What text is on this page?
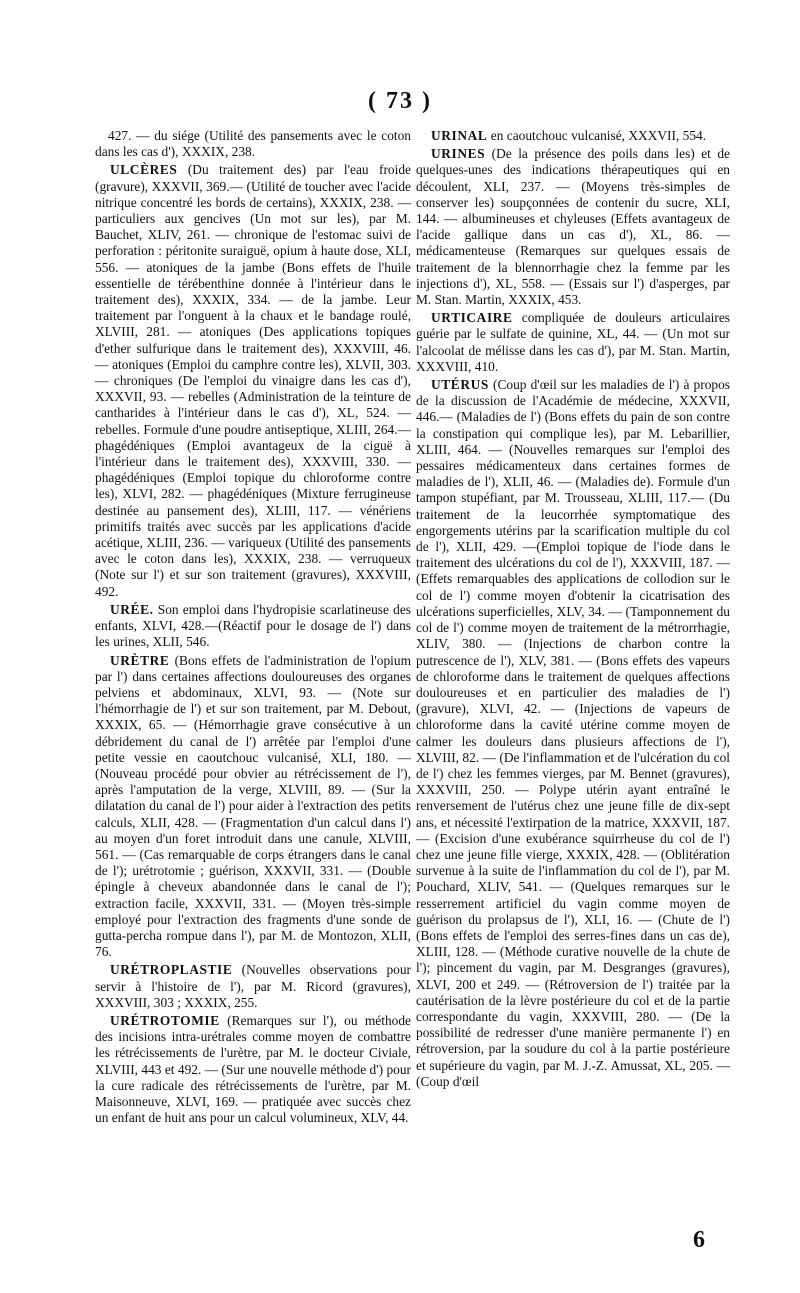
( 73 )

427. — du siége (Utilité des pansements avec le coton dans les cas d'), XXXIX, 238.

ULCÈRES (Du traitement des) par l'eau froide (gravure), XXXVII, 369.— (Utilité de toucher avec l'acide nitrique concentré les bords de certains), XXXIX, 238. — particuliers aux gencives (Un mot sur les), par M. Bauchet, XLIV, 261. — chronique de l'estomac suivi de perforation : péritonite suraiguë, opium à haute dose, XLI, 556. — atoniques de la jambe (Bons effets de l'huile essentielle de térébenthine donnée à l'intérieur dans le traitement des), XXXIX, 334. — de la jambe. Leur traitement par l'onguent à la chaux et le bandage roulé, XLVIII, 281. — atoniques (Des applications topiques d'ether sulfurique dans le traitement des), XXXVIII, 46. — atoniques (Emploi du camphre contre les), XLVII, 303. — chroniques (De l'emploi du vinaigre dans les cas d'), XXXVII, 93. — rebelles (Administration de la teinture de cantharides à l'intérieur dans le cas d'), XL, 524. — rebelles. Formule d'une poudre antiseptique, XLIII, 264.— phagédéniques (Emploi avantageux de la ciguë à l'intérieur dans le traitement des), XXXVIII, 330. — phagédéniques (Emploi topique du chloroforme contre les), XLVI, 282. — phagédéniques (Mixture ferrugineuse destinée au pansement des), XLIII, 117. — vénériens primitifs traités avec succès par les applications d'acide acétique, XLIII, 236. — variqueux (Utilité des pansements avec le coton dans les), XXXIX, 238. — verruqueux (Note sur l') et sur son traitement (gravures), XXXVIII, 492.

URÉE. Son emploi dans l'hydropisie scarlatineuse des enfants, XLVI, 428.—(Réactif pour le dosage de l') dans les urines, XLII, 546.

URÈTRE (Bons effets de l'administration de l'opium par l') dans certaines affections douloureuses des organes pelviens et abdominaux, XLVI, 93. — (Note sur l'hémorrhagie de l') et sur son traitement, par M. Debout, XXXIX, 65. — (Hémorrhagie grave consécutive à un débridement du canal de l') arrêtée par l'emploi d'une petite vessie en caoutchouc vulcanisé, XLI, 180. —(Nouveau procédé pour obvier au rétrécissement de l'), après l'amputation de la verge, XLVIII, 89. — (Sur la dilatation du canal de l') pour aider à l'extraction des petits calculs, XLII, 428. — (Fragmentation d'un calcul dans l') au moyen d'un foret introduit dans une canule, XLVIII, 561. — (Cas remarquable de corps étrangers dans le canal de l'); urétrotomie ; guérison, XXXVII, 331. — (Double épingle à cheveux abandonnée dans le canal de l'); extraction facile, XXXVII, 331. — (Moyen très-simple employé pour l'extraction des fragments d'une sonde de gutta-percha rompue dans l'), par M. de Montozon, XLII, 76.

URÉTROPLASTIE (Nouvelles observations pour servir à l'histoire de l'), par M. Ricord (gravures), XXXVIII, 303 ; XXXIX, 255.

URÉTROTOMIE (Remarques sur l'), ou méthode des incisions intra-urétrales comme moyen de combattre les rétrécissements de l'urètre, par M. le docteur Civiale, XLVIII, 443 et 492. — (Sur une nouvelle méthode d') pour la cure radicale des rétrécissements de l'urètre, par M. Maisonneuve, XLVI, 169. — pratiquée avec succès chez un enfant de huit ans pour un calcul volumineux, XLV, 44.

URINAL en caoutchouc vulcanisé, XXXVII, 554.

URINES (De la présence des poils dans les) et de quelques-unes des indications thérapeutiques qui en découlent, XLI, 237. — (Moyens très-simples de conserver les) soupçonnées de contenir du sucre, XLI, 144. — albumineuses et chyleuses (Effets avantageux de l'acide gallique dans un cas d'), XL, 86. — médicamenteuse (Remarques sur quelques essais de traitement de la blennorrhagie chez la femme par les injections d'), XL, 558. — (Essais sur l') d'asperges, par M. Stan. Martin, XXXIX, 453.

URTICAIRE compliquée de douleurs articulaires guérie par le sulfate de quinine, XL, 44. — (Un mot sur l'alcoolat de mélisse dans les cas d'), par M. Stan. Martin, XXXVIII, 410.

UTÉRUS (Coup d'œil sur les maladies de l') à propos de la discussion de l'Académie de médecine, XXXVII, 446.— (Maladies de l') (Bons effets du pain de son contre la constipation qui complique les), par M. Lebarillier, XLIII, 464. — (Nouvelles remarques sur l'emploi des pessaires médicamenteux dans certaines formes de maladies de l'), XLII, 46. — (Maladies de). Formule d'un tampon stupéfiant, par M. Trousseau, XLIII, 117.— (Du traitement de la leucorrhée symptomatique des engorgements utérins par la scarification multiple du col de l'), XLII, 429. —(Emploi topique de l'iode dans le traitement des ulcérations du col de l'), XXXVIII, 187. — (Effets remarquables des applications de collodion sur le col de l') comme moyen d'obtenir la cicatrisation des ulcérations superficielles, XLV, 34. — (Tamponnement du col de l') comme moyen de traitement de la métrorrhagie, XLIV, 380. — (Injections de charbon contre la putrescence de l'), XLV, 381. — (Bons effets des vapeurs de chloroforme dans le traitement de quelques affections douloureuses et en particulier des maladies de l') (gravure), XLVI, 42. — (Injections de vapeurs de chloroforme dans la cavité utérine comme moyen de calmer les douleurs dans plusieurs affections de l'), XLVIII, 82. — (De l'inflammation et de l'ulcération du col de l') chez les femmes vierges, par M. Bennet (gravures), XXXVIII, 250. — Polype utérin ayant entraîné le renversement de l'utérus chez une jeune fille de dix-sept ans, et nécessité l'extirpation de la matrice, XXXVII, 187. — (Excision d'une exubérance squirrheuse du col de l') chez une jeune fille vierge, XXXIX, 428. — (Oblitération survenue à la suite de l'inflammation du col de l'), par M. Pouchard, XLIV, 541. — (Quelques remarques sur le resserrement artificiel du vagin comme moyen de guérison du prolapsus de l'), XLI, 16. — (Chute de l') (Bons effets de l'emploi des serres-fines dans un cas de), XLIII, 128. — (Méthode curative nouvelle de la chute de l'); pincement du vagin, par M. Desgranges (gravures), XLVI, 200 et 249. — (Rétroversion de l') traitée par la cautérisation de la lèvre postérieure du col et de la partie correspondante du vagin, XXXVIII, 280. — (De la possibilité de redresser d'une manière permanente l') en rétroversion, par la soudure du col à la partie postérieure et supérieure du vagin, par M. J.-Z. Amussat, XL, 205. — (Coup d'œil

6
